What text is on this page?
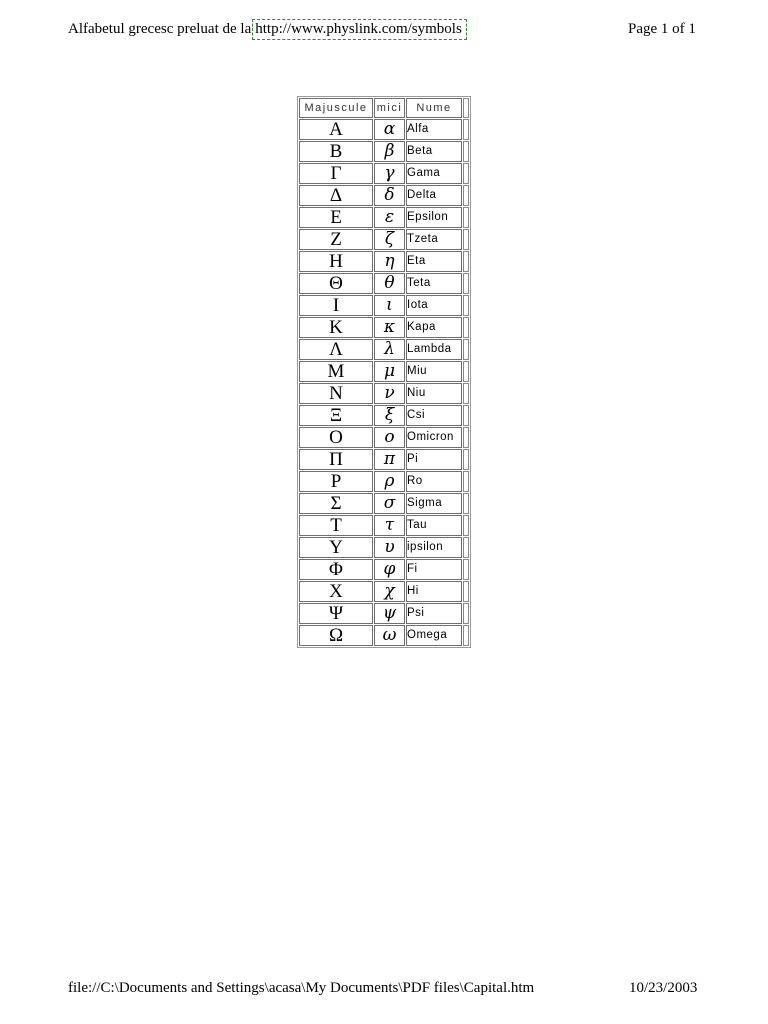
Alfabetul grecesc preluat de la http://www.physlink.com/symbols	Page 1 of 1
Majuscule	mici	Nume	
Α	α	Alfa	
Β	β	Beta	
Γ	γ	Gama	
Δ	δ	Delta	
Ε	ε	Epsilon	
Ζ	ζ	Tzeta	
Η	η	Eta	
Θ	θ	Teta	
Ι	ι	Iota	
Κ	κ	Kapa	
Λ	λ	Lambda	
Μ	μ	Miu	
Ν	ν	Niu	
Ξ	ξ	Csi	
Ο	ο	Omicron	
Π	π	Pi	
Ρ	ρ	Ro	
Σ	σ	Sigma	
Τ	τ	Tau	
Υ	υ	ipsilon	
Φ	φ	Fi	
Χ	χ	Hi	
Ψ	ψ	Psi	
Ω	ω	Omega	
file://C:\Documents and Settings\acasa\My Documents\PDF files\Capital.htm	10/23/2003
